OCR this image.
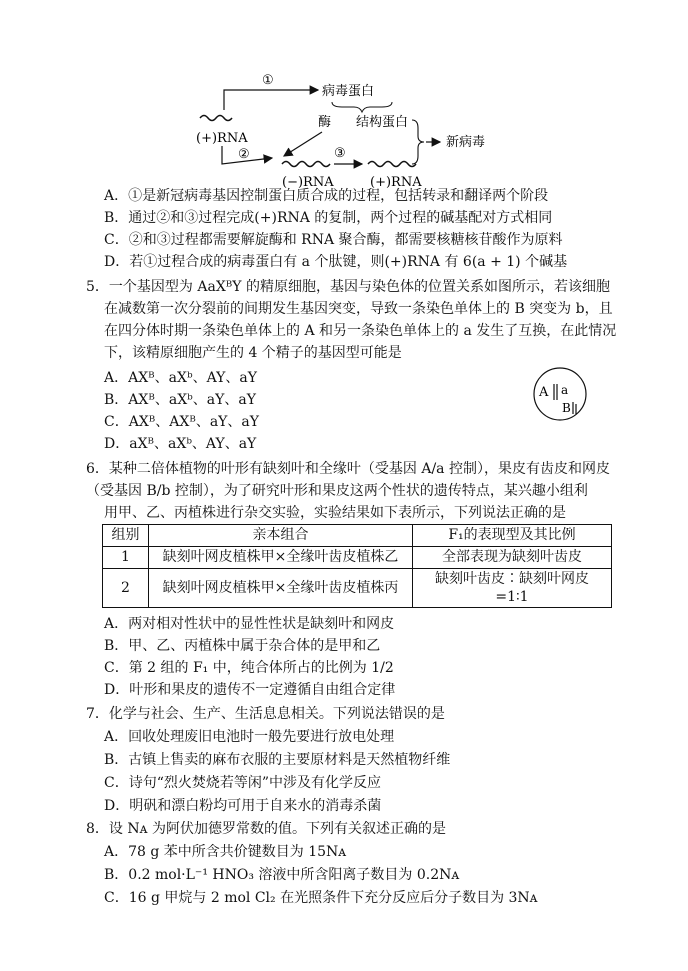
①
病毒蛋白
结构蛋白
酶
(+)RNA
②
(−)RNA
③
(+)RNA
新病毒
A．①是新冠病毒基因控制蛋白质合成的过程，包括转录和翻译两个阶段
B．通过②和③过程完成(+)RNA 的复制，两个过程的碱基配对方式相同
C．②和③过程都需要解旋酶和 RNA 聚合酶，都需要核糖核苷酸作为原料
D．若①过程合成的病毒蛋白有 a 个肽键，则(+)RNA 有 6(a + 1) 个碱基
5．一个基因型为 AaXᴮY 的精原细胞，基因与染色体的位置关系如图所示，若该细胞
在减数第一次分裂前的间期发生基因突变，导致一条染色单体上的 B 突变为 b，且
在四分体时期一条染色单体上的 A 和另一条染色单体上的 a 发生了互换，在此情况
下，该精原细胞产生的 4 个精子的基因型可能是
A．AXᴮ、aXᵇ、AY、aY
B．AXᴮ、aXᵇ、aY、aY
C．AXᴮ、AXᴮ、aY、aY
D．aXᴮ、aXᵇ、AY、aY
A a
B
6．某种二倍体植物的叶形有缺刻叶和全缘叶（受基因 A/a 控制），果皮有齿皮和网皮
（受基因 B/b 控制），为了研究叶形和果皮这两个性状的遗传特点，某兴趣小组利
用甲、乙、丙植株进行杂交实验，实验结果如下表所示，下列说法正确的是
组别	亲本组合	F₁的表现型及其比例
1	缺刻叶网皮植株甲×全缘叶齿皮植株乙	全部表现为缺刻叶齿皮
2	缺刻叶网皮植株甲×全缘叶齿皮植株丙	缺刻叶齿皮∶缺刻叶网皮
=1∶1
A．两对相对性状中的显性性状是缺刻叶和网皮
B．甲、乙、丙植株中属于杂合体的是甲和乙
C．第 2 组的 F₁ 中，纯合体所占的比例为 1/2
D．叶形和果皮的遗传不一定遵循自由组合定律
7．化学与社会、生产、生活息息相关。下列说法错误的是
A．回收处理废旧电池时一般先要进行放电处理
B．古镇上售卖的麻布衣服的主要原材料是天然植物纤维
C．诗句“烈火焚烧若等闲”中涉及有化学反应
D．明矾和漂白粉均可用于自来水的消毒杀菌
8．设 Nᴀ 为阿伏加德罗常数的值。下列有关叙述正确的是
A．78 g 苯中所含共价键数目为 15Nᴀ
B．0.2 mol·L⁻¹ HNO₃ 溶液中所含阳离子数目为 0.2Nᴀ
C．16 g 甲烷与 2 mol Cl₂ 在光照条件下充分反应后分子数目为 3Nᴀ
